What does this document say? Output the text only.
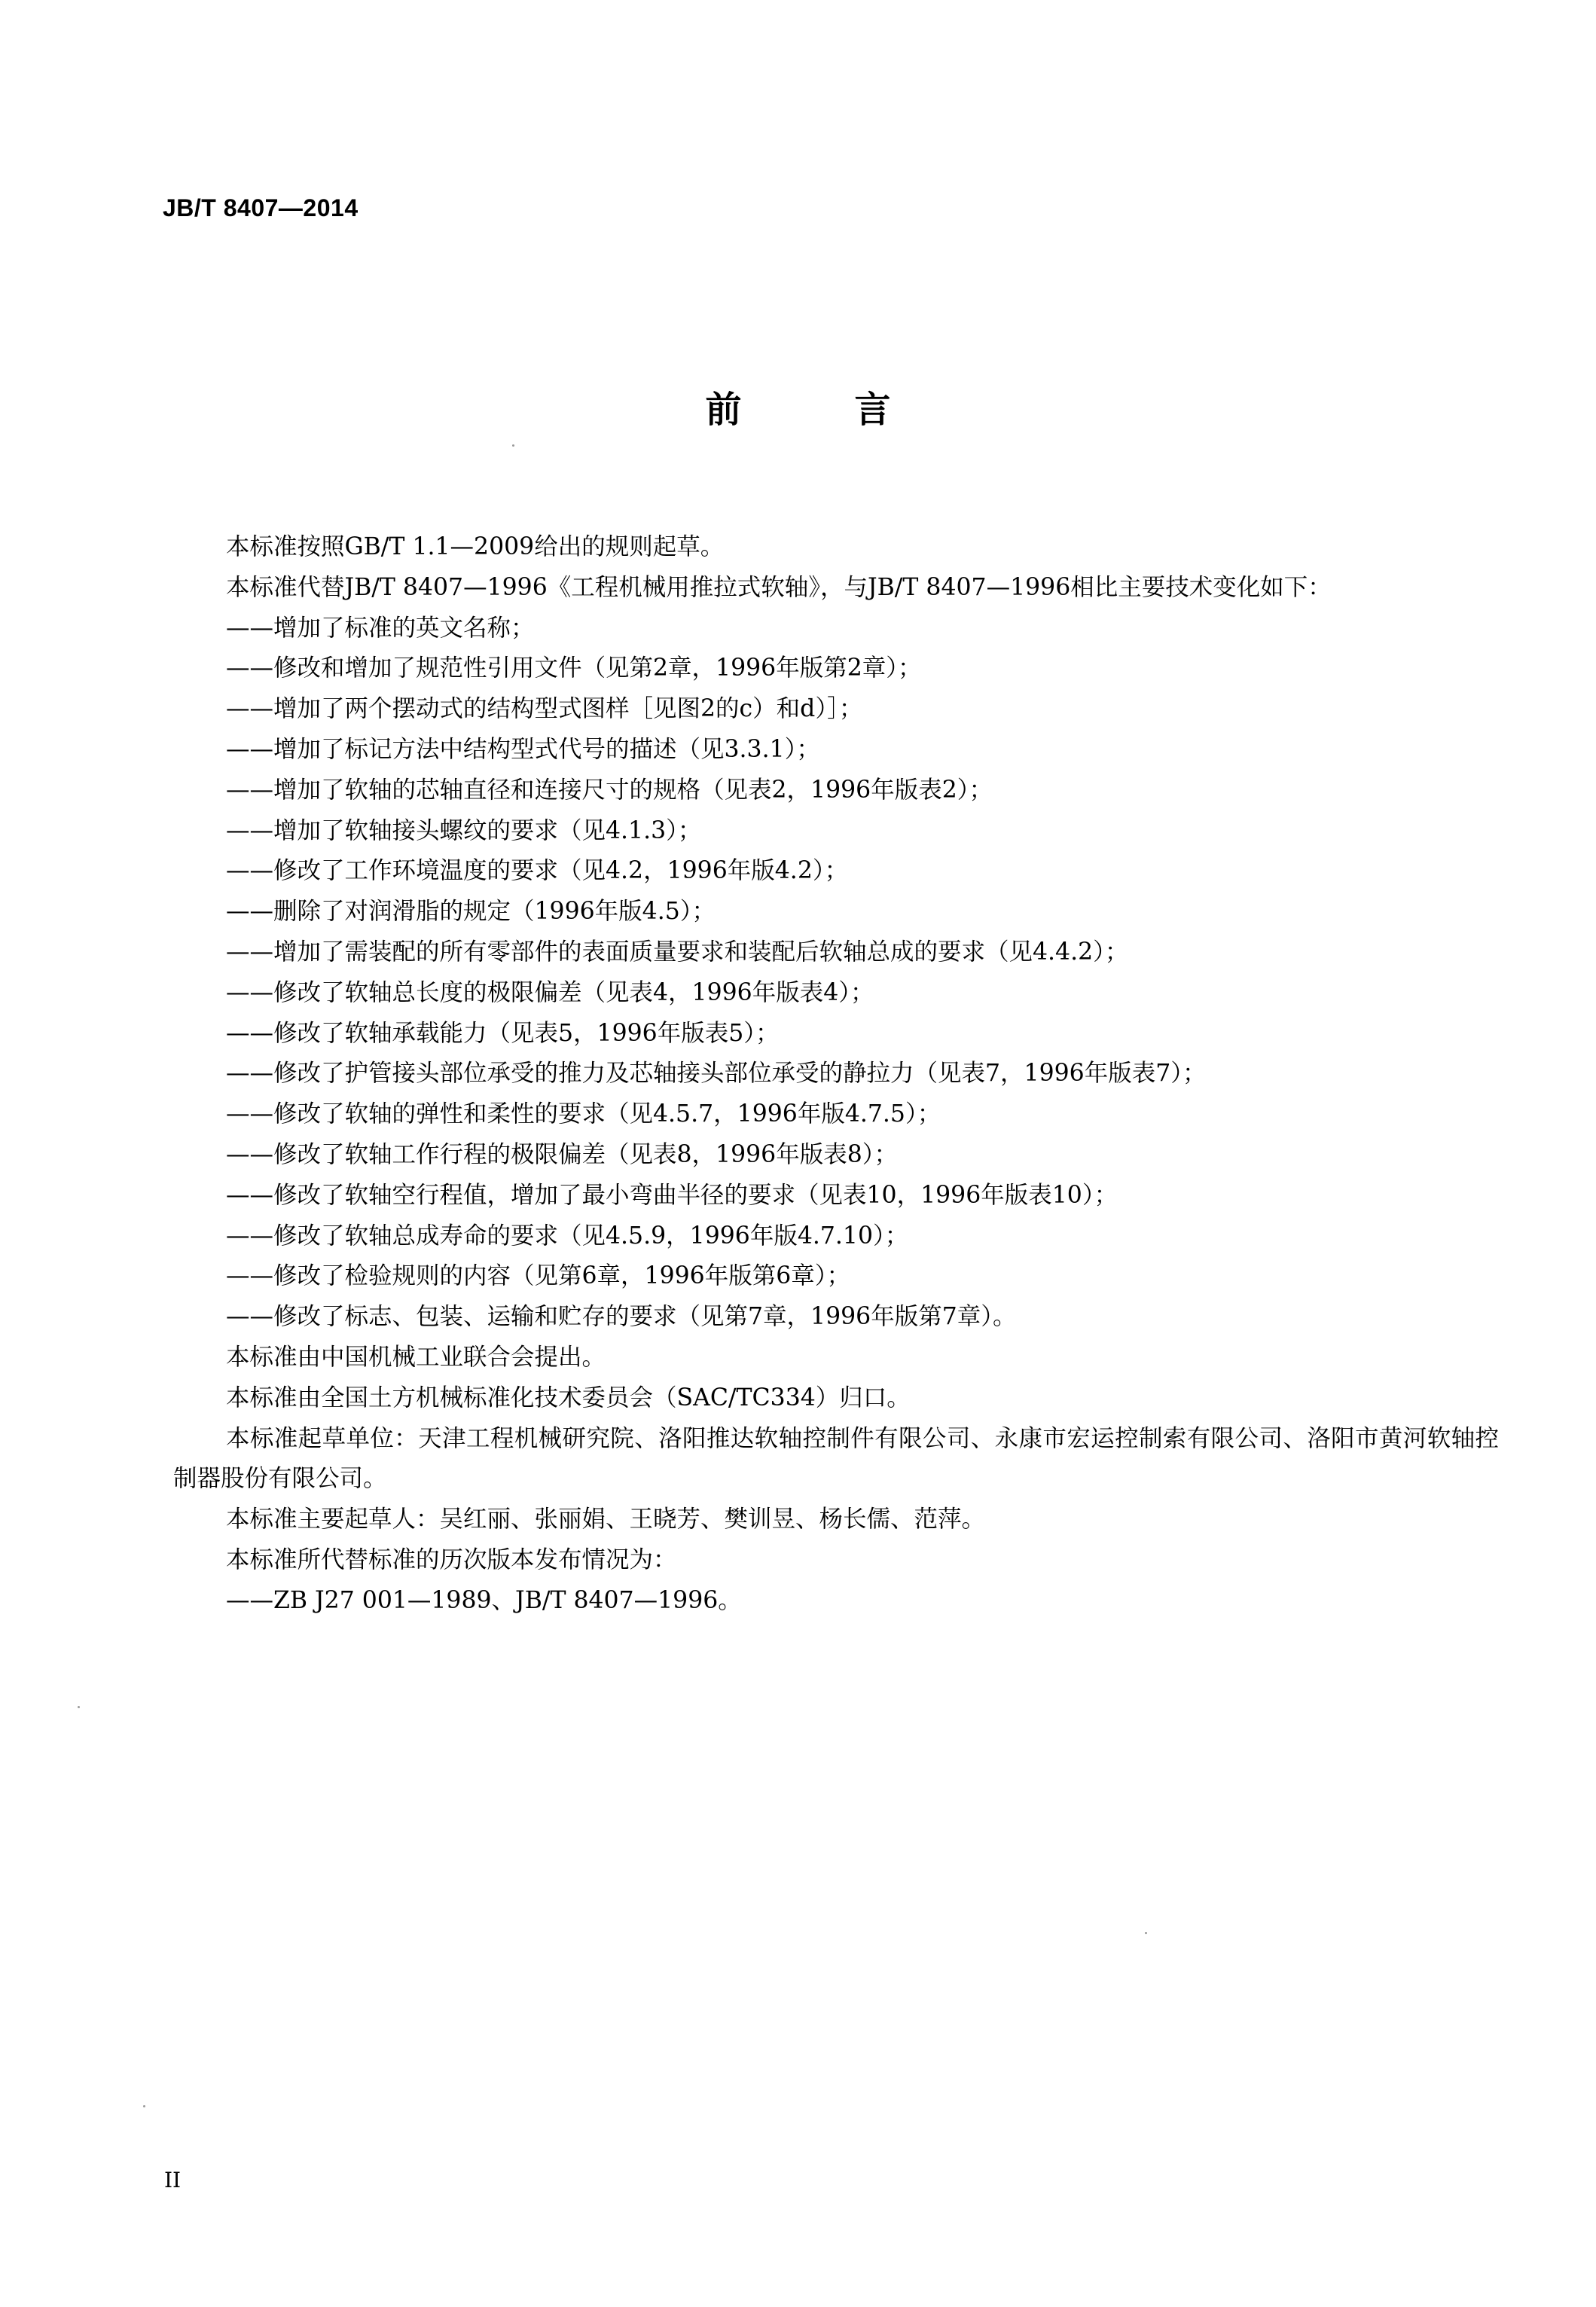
JB/T 8407—2014
前言

本标准按照GB/T 1.1—2009给出的规则起草。

本标准代替JB/T 8407—1996《工程机械用推拉式软轴》，与JB/T 8407—1996相比主要技术变化如下：

——增加了标准的英文名称；

——修改和增加了规范性引用文件（见第2章，1996年版第2章）；

——增加了两个摆动式的结构型式图样［见图2的c）和d）］；

——增加了标记方法中结构型式代号的描述（见3.3.1）；

——增加了软轴的芯轴直径和连接尺寸的规格（见表2，1996年版表2）；

——增加了软轴接头螺纹的要求（见4.1.3）；

——修改了工作环境温度的要求（见4.2，1996年版4.2）；

——删除了对润滑脂的规定（1996年版4.5）；

——增加了需装配的所有零部件的表面质量要求和装配后软轴总成的要求（见4.4.2）；

——修改了软轴总长度的极限偏差（见表4，1996年版表4）；

——修改了软轴承载能力（见表5，1996年版表5）；

——修改了护管接头部位承受的推力及芯轴接头部位承受的静拉力（见表7，1996年版表7）；

——修改了软轴的弹性和柔性的要求（见4.5.7，1996年版4.7.5）；

——修改了软轴工作行程的极限偏差（见表8，1996年版表8）；

——修改了软轴空行程值，增加了最小弯曲半径的要求（见表10，1996年版表10）；

——修改了软轴总成寿命的要求（见4.5.9，1996年版4.7.10）；

——修改了检验规则的内容（见第6章，1996年版第6章）；

——修改了标志、包装、运输和贮存的要求（见第7章，1996年版第7章）。

本标准由中国机械工业联合会提出。

本标准由全国土方机械标准化技术委员会（SAC/TC334）归口。

本标准起草单位：天津工程机械研究院、洛阳推达软轴控制件有限公司、永康市宏运控制索有限公司、洛阳市黄河软轴控制器股份有限公司。

本标准主要起草人：吴红丽、张丽娟、王晓芳、樊训昱、杨长儒、范萍。

本标准所代替标准的历次版本发布情况为：

——ZB J27 001—1989、JB/T 8407—1996。

II
